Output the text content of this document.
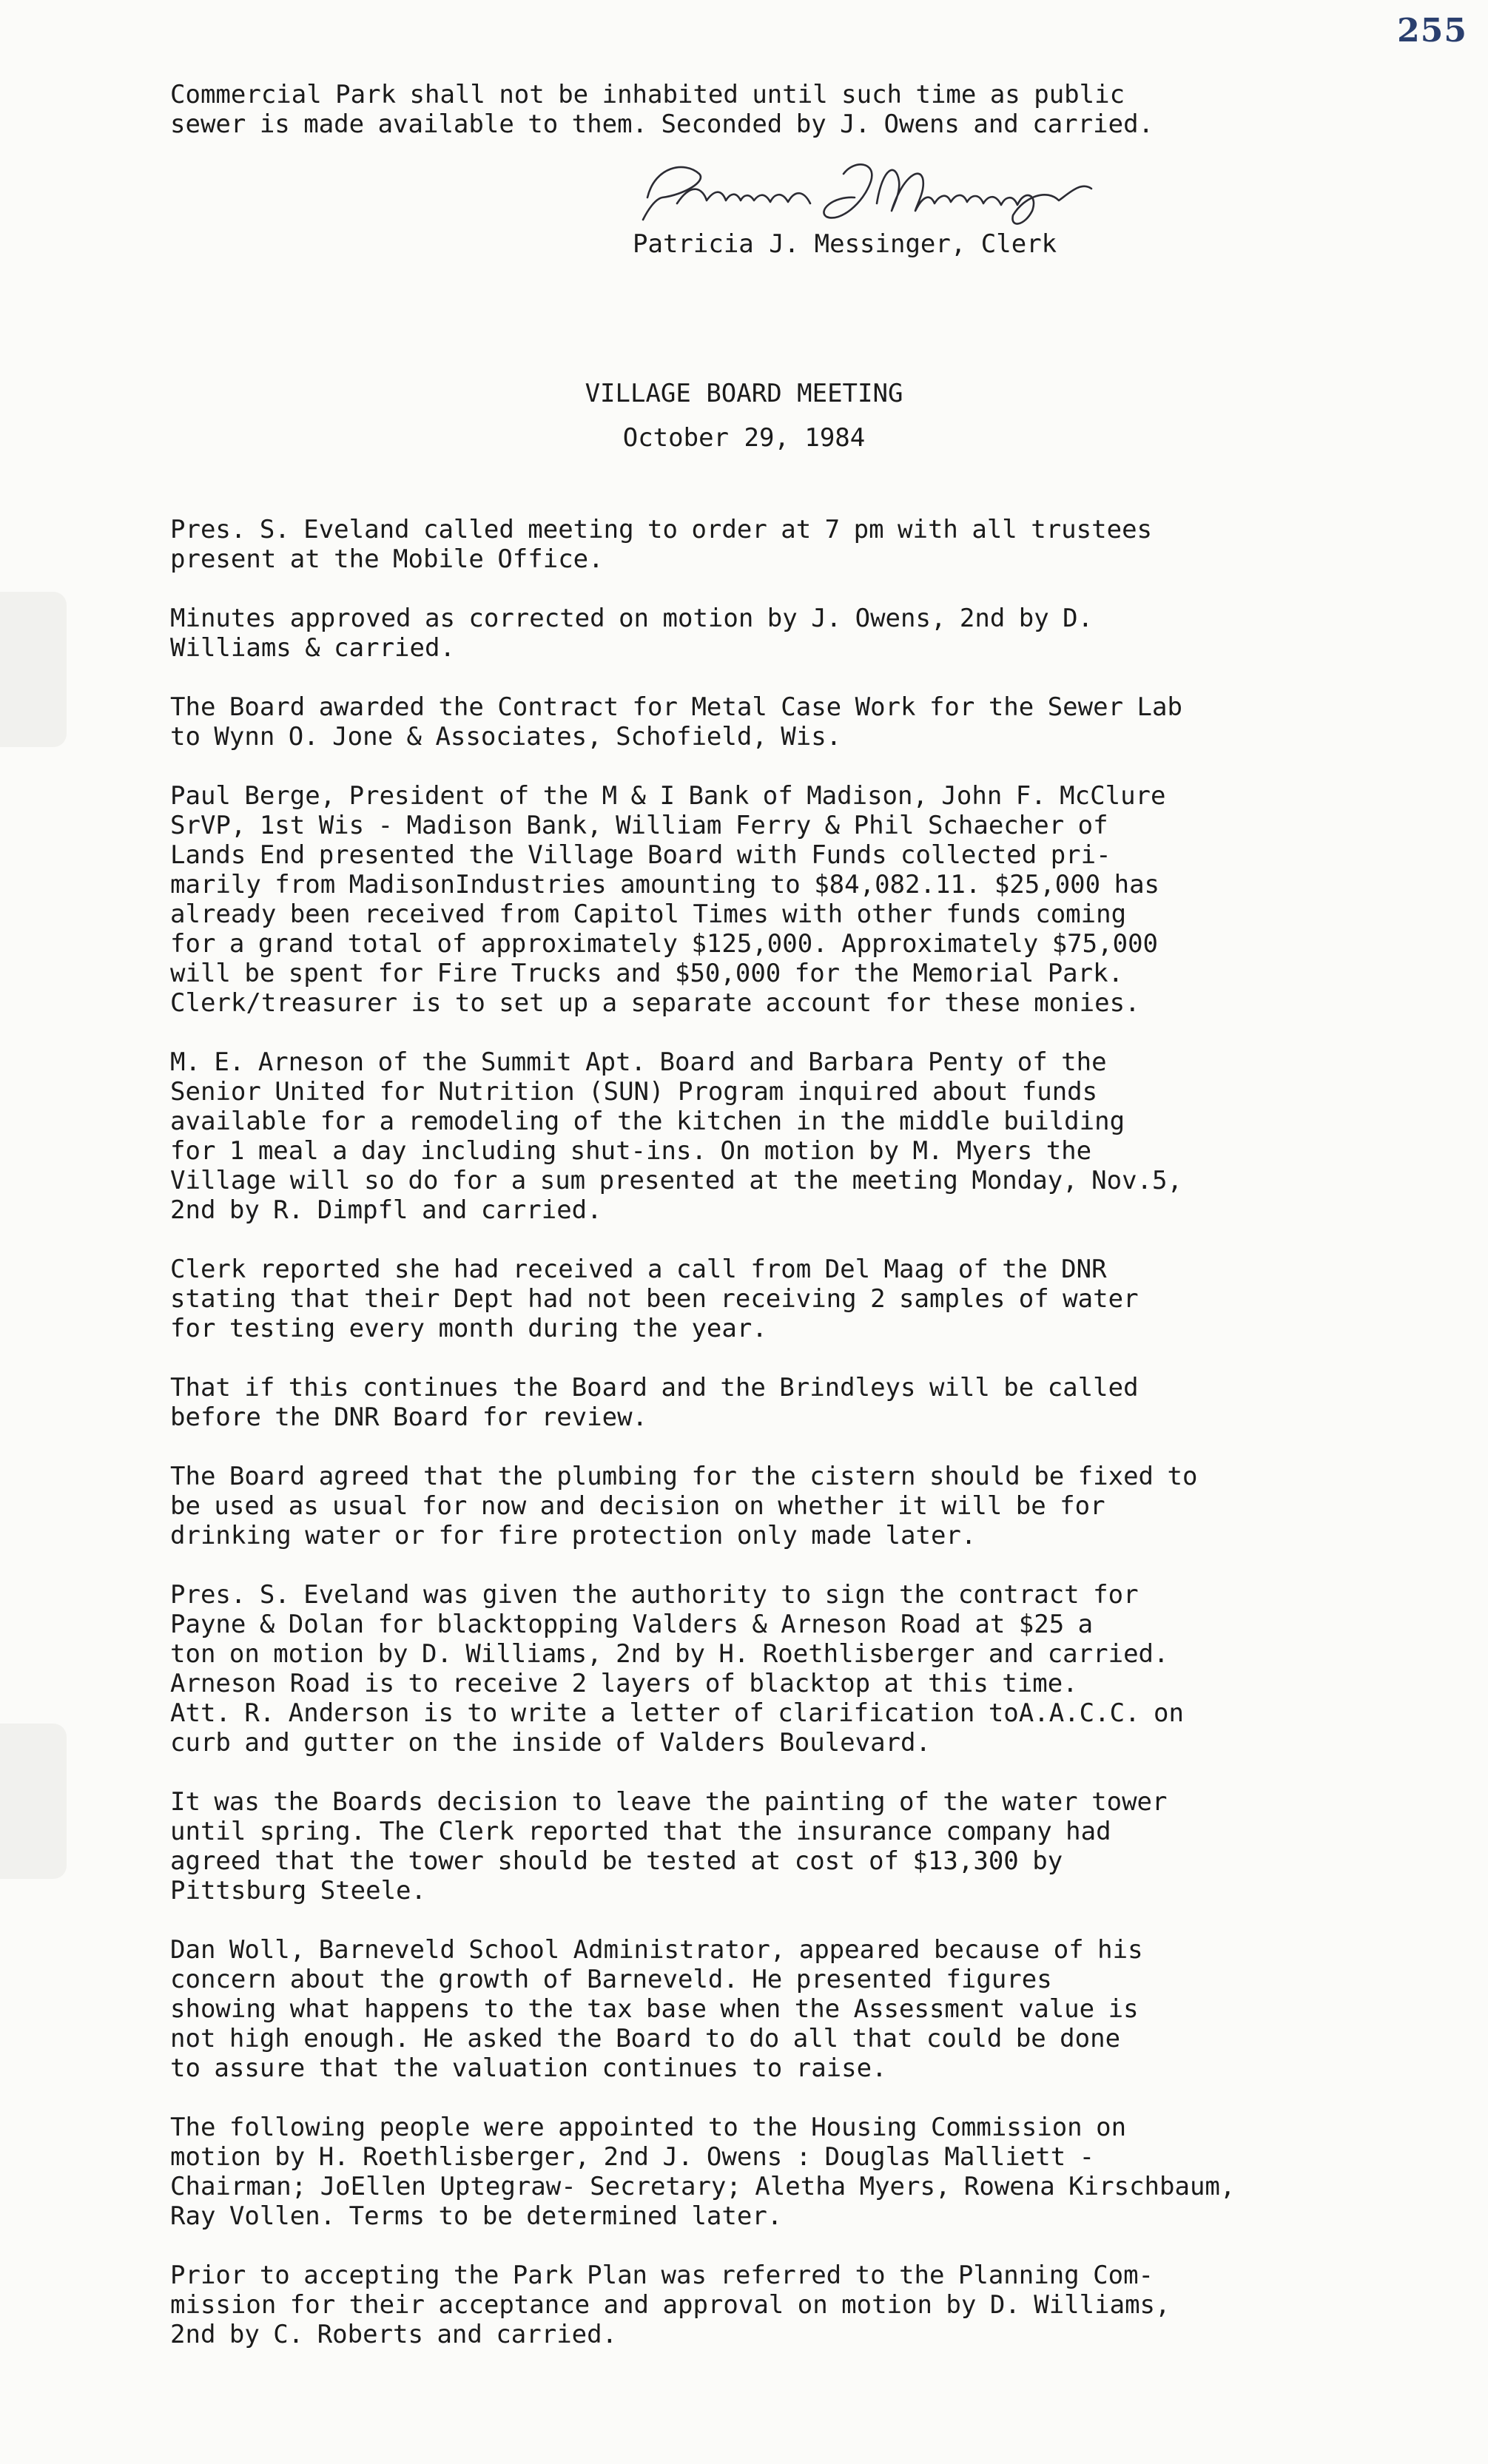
255
Commercial Park shall not be inhabited until such time as public
sewer is made available to them. Seconded by J. Owens and carried.
Patricia J Messinger
Patricia J. Messinger, Clerk
VILLAGE BOARD MEETING
October 29, 1984
Pres. S. Eveland called meeting to order at 7 pm with all trustees
present at the Mobile Office.
Minutes approved as corrected on motion by J. Owens, 2nd by D.
Williams & carried.
The Board awarded the Contract for Metal Case Work for the Sewer Lab
to Wynn O. Jone & Associates, Schofield, Wis.
Paul Berge, President of the M & I Bank of Madison, John F. McClure
SrVP, 1st Wis - Madison Bank, William Ferry & Phil Schaecher of
Lands End presented the Village Board with Funds collected pri-
marily from MadisonIndustries amounting to $84,082.11. $25,000 has
already been received from Capitol Times with other funds coming
for a grand total of approximately $125,000. Approximately $75,000
will be spent for Fire Trucks and $50,000 for the Memorial Park.
Clerk/treasurer is to set up a separate account for these monies.
M. E. Arneson of the Summit Apt. Board and Barbara Penty of the
Senior United for Nutrition (SUN) Program inquired about funds
available for a remodeling of the kitchen in the middle building
for 1 meal a day including shut-ins. On motion by M. Myers the
Village will so do for a sum presented at the meeting Monday, Nov.5,
2nd by R. Dimpfl and carried.
Clerk reported she had received a call from Del Maag of the DNR
stating that their Dept had not been receiving 2 samples of water
for testing every month during the year.
That if this continues the Board and the Brindleys will be called
before the DNR Board for review.
The Board agreed that the plumbing for the cistern should be fixed to
be used as usual for now and decision on whether it will be for
drinking water or for fire protection only made later.
Pres. S. Eveland was given the authority to sign the contract for
Payne & Dolan for blacktopping Valders & Arneson Road at $25 a
ton on motion by D. Williams, 2nd by H. Roethlisberger and carried.
Arneson Road is to receive 2 layers of blacktop at this time.
Att. R. Anderson is to write a letter of clarification toA.A.C.C. on
curb and gutter on the inside of Valders Boulevard.
It was the Boards decision to leave the painting of the water tower
until spring. The Clerk reported that the insurance company had
agreed that the tower should be tested at cost of $13,300 by
Pittsburg Steele.
Dan Woll, Barneveld School Administrator, appeared because of his
concern about the growth of Barneveld. He presented figures
showing what happens to the tax base when the Assessment value is
not high enough. He asked the Board to do all that could be done
to assure that the valuation continues to raise.
The following people were appointed to the Housing Commission on
motion by H. Roethlisberger, 2nd J. Owens : Douglas Malliett -
Chairman; JoEllen Uptegraw- Secretary; Aletha Myers, Rowena Kirschbaum,
Ray Vollen. Terms to be determined later.
Prior to accepting the Park Plan was referred to the Planning Com-
mission for their acceptance and approval on motion by D. Williams,
2nd by C. Roberts and carried.
